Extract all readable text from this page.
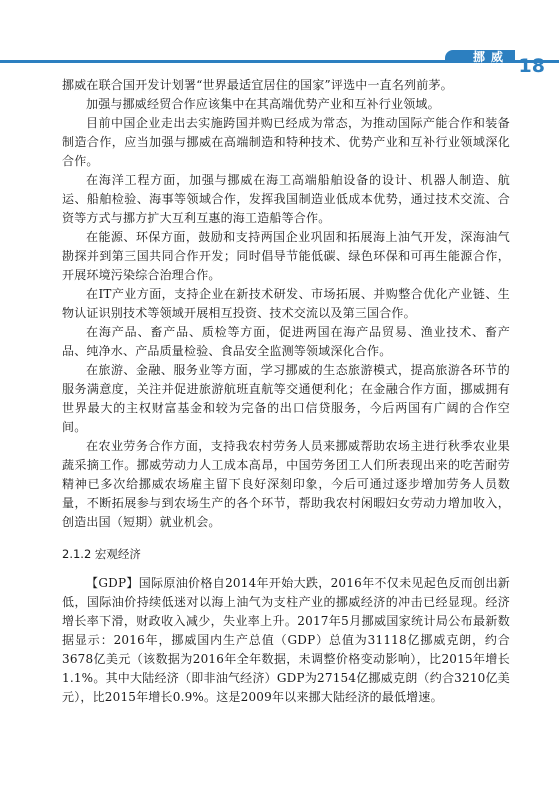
挪威 18

挪威在联合国开发计划署“世界最适宜居住的国家”评选中一直名列前茅。

加强与挪威经贸合作应该集中在其高端优势产业和互补行业领域。

目前中国企业走出去实施跨国并购已经成为常态，为推动国际产能合作和装备制造合作，应当加强与挪威在高端制造和特种技术、优势产业和互补行业领域深化合作。

在海洋工程方面，加强与挪威在海工高端船舶设备的设计、机器人制造、航运、船舶检验、海事等领域合作，发挥我国制造业低成本优势，通过技术交流、合资等方式与挪方扩大互利互惠的海工造船等合作。

在能源、环保方面，鼓励和支持两国企业巩固和拓展海上油气开发，深海油气勘探并到第三国共同合作开发；同时倡导节能低碳、绿色环保和可再生能源合作，开展环境污染综合治理合作。

在IT产业方面，支持企业在新技术研发、市场拓展、并购整合优化产业链、生物认证识别技术等领域开展相互投资、技术交流以及第三国合作。

在海产品、畜产品、质检等方面，促进两国在海产品贸易、渔业技术、畜产品、纯净水、产品质量检验、食品安全监测等领域深化合作。

在旅游、金融、服务业等方面，学习挪威的生态旅游模式，提高旅游各环节的服务满意度，关注并促进旅游航班直航等交通便利化；在金融合作方面，挪威拥有世界最大的主权财富基金和较为完备的出口信贷服务，今后两国有广阔的合作空间。

在农业劳务合作方面，支持我农村劳务人员来挪威帮助农场主进行秋季农业果蔬采摘工作。挪威劳动力人工成本高昂，中国劳务团工人们所表现出来的吃苦耐劳精神已多次给挪威农场雇主留下良好深刻印象，今后可通过逐步增加劳务人员数量，不断拓展参与到农场生产的各个环节，帮助我农村闲暇妇女劳动力增加收入，创造出国（短期）就业机会。

2.1.2 宏观经济

【GDP】国际原油价格自2014年开始大跌，2016年不仅未见起色反而创出新低，国际油价持续低迷对以海上油气为支柱产业的挪威经济的冲击已经显现。经济增长率下滑，财政收入减少，失业率上升。2017年5月挪威国家统计局公布最新数据显示：2016年，挪威国内生产总值（GDP）总值为31118亿挪威克朗，约合3678亿美元（该数据为2016年全年数据，未调整价格变动影响），比2015年增长1.1%。其中大陆经济（即非油气经济）GDP为27154亿挪威克朗（约合3210亿美元），比2015年增长0.9%。这是2009年以来挪大陆经济的最低增速。
